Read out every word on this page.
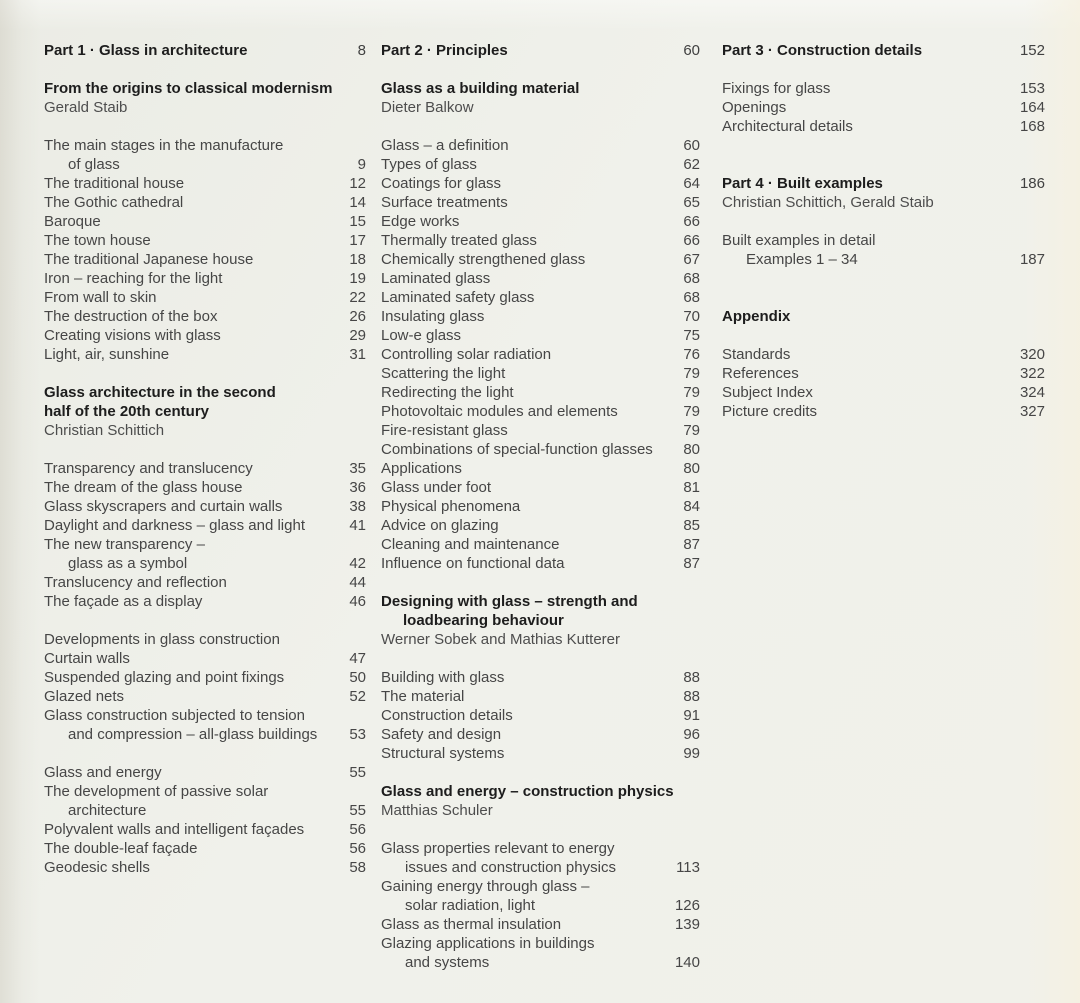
Part 1 · Glass in architecture	8
From the origins to classical modernism
Gerald Staib
The main stages in the manufacture
of glass	9
The traditional house	12
The Gothic cathedral	14
Baroque	15
The town house	17
The traditional Japanese house	18
Iron – reaching for the light	19
From wall to skin	22
The destruction of the box	26
Creating visions with glass	29
Light, air, sunshine	31
Glass architecture in the second
half of the 20th century
Christian Schittich
Transparency and translucency	35
The dream of the glass house	36
Glass skyscrapers and curtain walls	38
Daylight and darkness – glass and light	41
The new transparency –
glass as a symbol	42
Translucency and reflection	44
The façade as a display	46
Developments in glass construction
Curtain walls	47
Suspended glazing and point fixings	50
Glazed nets	52
Glass construction subjected to tension
and compression – all-glass buildings	53
Glass and energy	55
The development of passive solar
architecture	55
Polyvalent walls and intelligent façades	56
The double-leaf façade	56
Geodesic shells	58
Part 2 · Principles	60
Glass as a building material
Dieter Balkow
Glass – a definition	60
Types of glass	62
Coatings for glass	64
Surface treatments	65
Edge works	66
Thermally treated glass	66
Chemically strengthened glass	67
Laminated glass	68
Laminated safety glass	68
Insulating glass	70
Low-e glass	75
Controlling solar radiation	76
Scattering the light	79
Redirecting the light	79
Photovoltaic modules and elements	79
Fire-resistant glass	79
Combinations of special-function glasses	80
Applications	80
Glass under foot	81
Physical phenomena	84
Advice on glazing	85
Cleaning and maintenance	87
Influence on functional data	87
Designing with glass – strength and
loadbearing behaviour
Werner Sobek and Mathias Kutterer
Building with glass	88
The material	88
Construction details	91
Safety and design	96
Structural systems	99
Glass and energy – construction physics
Matthias Schuler
Glass properties relevant to energy
issues and construction physics	113
Gaining energy through glass –
solar radiation, light	126
Glass as thermal insulation	139
Glazing applications in buildings
and systems	140
Part 3 · Construction details	152
Fixings for glass	153
Openings	164
Architectural details	168
Part 4 · Built examples	186
Christian Schittich, Gerald Staib
Built examples in detail
Examples 1 – 34	187
Appendix
Standards	320
References	322
Subject Index	324
Picture credits	327
